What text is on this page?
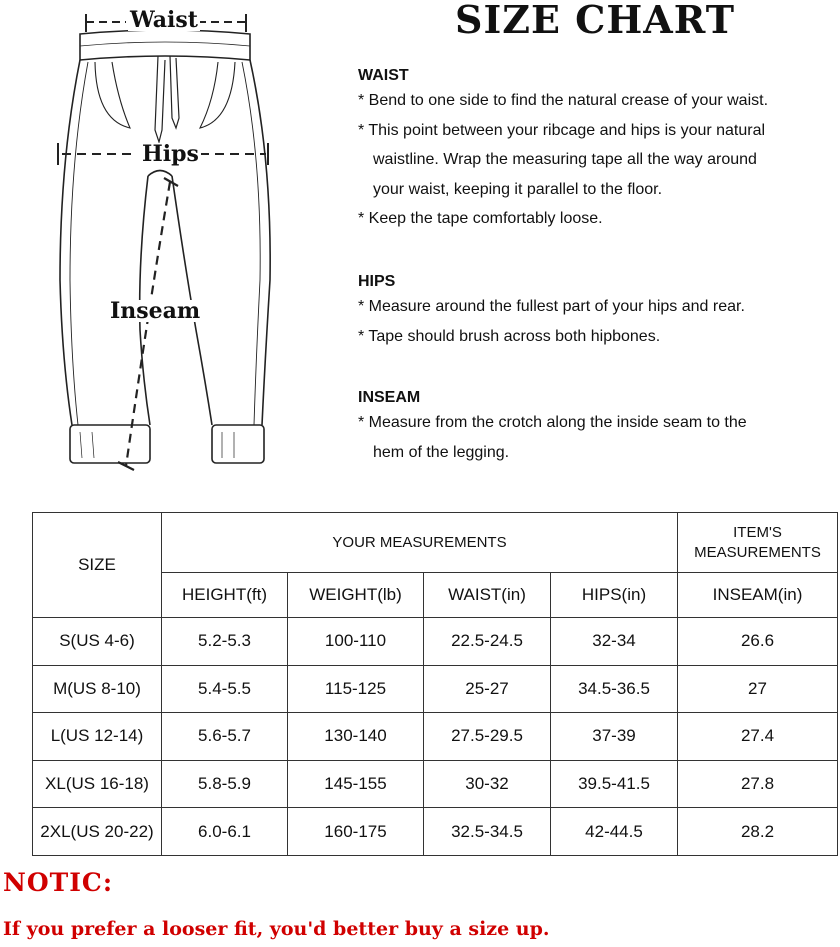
Waist
Hips
Inseam
SIZE CHART

WAIST

* Bend to one side to find the natural crease of your waist.

* This point between your ribcage and hips is your natural

waistline. Wrap the measuring tape all the way around

your waist, keeping it parallel to the floor.

* Keep the tape comfortably loose.

HIPS

* Measure around the fullest part of your hips and rear.

* Tape should brush across both hipbones.

INSEAM

* Measure from the crotch along the inside seam to the

hem of the legging.

SIZE	YOUR MEASUREMENTS				ITEM'S
MEASUREMENTS

	HEIGHT(ft)	WEIGHT(lb)	WAIST(in)	HIPS(in)	INSEAM(in)
S(US 4-6)	5.2-5.3	100-110	22.5-24.5	32-34	26.6
M(US 8-10)	5.4-5.5	115-125	25-27	34.5-36.5	27
L(US 12-14)	5.6-5.7	130-140	27.5-29.5	37-39	27.4
XL(US 16-18)	5.8-5.9	145-155	30-32	39.5-41.5	27.8
2XL(US 20-22)	6.0-6.1	160-175	32.5-34.5	42-44.5	28.2
NOTIC:
If you prefer a looser fit, you'd better buy a size up.
